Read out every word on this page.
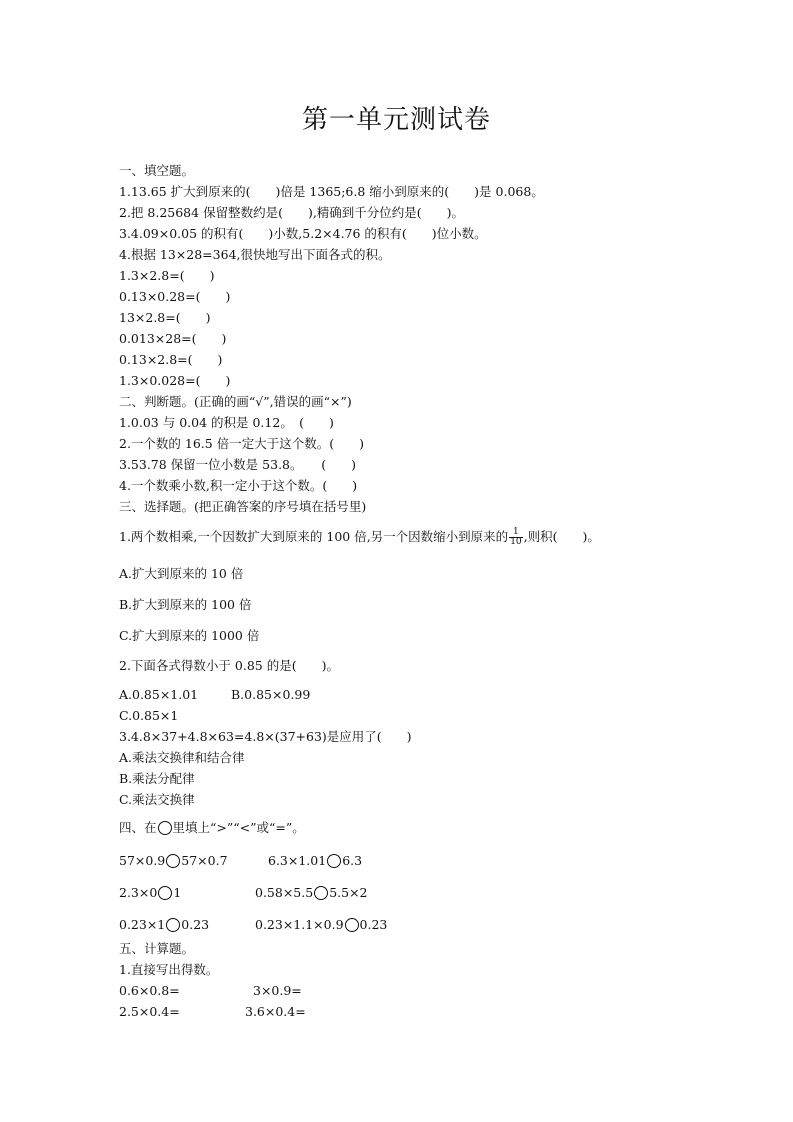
第一单元测试卷
一、填空题。
1.13.65 扩大到原来的(　　)倍是 1365;6.8 缩小到原来的(　　)是 0.068。
2.把 8.25684 保留整数约是(　　),精确到千分位约是(　　)。
3.4.09×0.05 的积有(　　)小数,5.2×4.76 的积有(　　)位小数。
4.根据 13×28=364,很快地写出下面各式的积。
1.3×2.8=(　　)
0.13×0.28=(　　)
13×2.8=(　　)
0.013×28=(　　)
0.13×2.8=(　　)
1.3×0.028=(　　)
二、判断题。(正确的画“√”,错误的画“×”)
1.0.03 与 0.04 的积是 0.12。　(　　)
2.一个数的 16.5 倍一定大于这个数。(　　)
3.53.78 保留一位小数是 53.8。　　(　　)
4.一个数乘小数,积一定小于这个数。(　　)
三、选择题。(把正确答案的序号填在括号里)
1.两个数相乘,一个因数扩大到原来的 100 倍,另一个因数缩小到原来的 $\frac{1}{10}$ ,则积(　　)。
A.扩大到原来的 10 倍
B.扩大到原来的 100 倍
C.扩大到原来的 1000 倍
2.下面各式得数小于 0.85 的是(　　)。
A.0.85×1.01	B.0.85×0.99
C.0.85×1
3.4.8×37+4.8×63=4.8×(37+63)是应用了(　　)
A.乘法交换律和结合律
B.乘法分配律
C.乘法交换律
四、在 里填上“>”“<”或“=”。
57×0.9 57×0.7	6.3×1.01 6.3
2.3×0 1	0.58×5.5 5.5×2
0.23×1 0.23	0.23×1.1×0.9 0.23
五、计算题。
1.直接写出得数。
0.6×0.8=	3×0.9=
2.5×0.4=	3.6×0.4=
